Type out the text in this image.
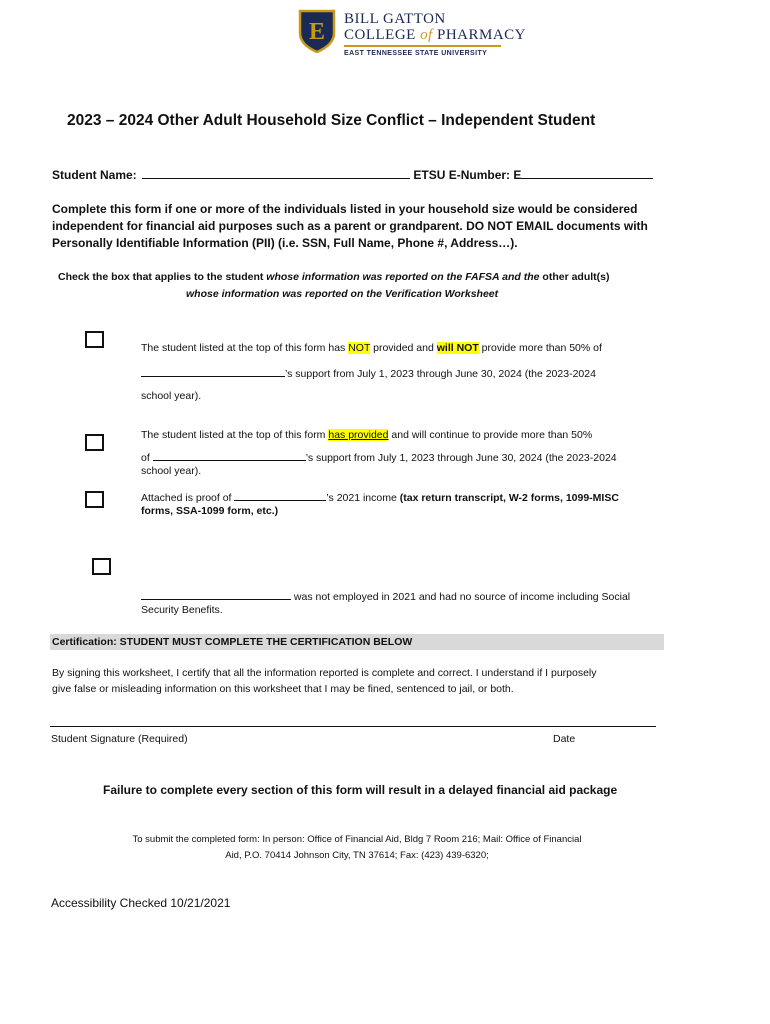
E BILL GATTON
COLLEGE of PHARMACY
EAST TENNESSEE STATE UNIVERSITY
2023 – 2024 Other Adult Household Size Conflict – Independent Student
Student Name:	ETSU E-Number: E
Complete this form if one or more of the individuals listed in your household size would be considered
independent for financial aid purposes such as a parent or grandparent. DO NOT EMAIL documents with
Personally Identifiable Information (PII) (i.e. SSN, Full Name, Phone #, Address…).
Check the box that applies to the student whose information was reported on the FAFSA and the other adult(s)
whose information was reported on the Verification Worksheet
The student listed at the top of this form has NOT provided and will NOT provide more than 50% of
’s support from July 1, 2023 through June 30, 2024 (the 2023-2024
school year).
The student listed at the top of this form has provided and will continue to provide more than 50%
of	’s support from July 1, 2023 through June 30, 2024 (the 2023-2024
school year).
Attached is proof of	’s 2021 income (tax return transcript, W-2 forms, 1099-MISC
forms, SSA-1099 form, etc.)
was not employed in 2021 and had no source of income including Social
Security Benefits.
Certification: STUDENT MUST COMPLETE THE CERTIFICATION BELOW
By signing this worksheet, I certify that all the information reported is complete and correct. I understand if I purposely
give false or misleading information on this worksheet that I may be fined, sentenced to jail, or both.
Student Signature (Required)	Date
Failure to complete every section of this form will result in a delayed financial aid package
To submit the completed form: In person: Office of Financial Aid, Bldg 7 Room 216; Mail: Office of Financial
Aid, P.O. 70414 Johnson City, TN 37614; Fax: (423) 439-6320;
Accessibility Checked 10/21/2021
